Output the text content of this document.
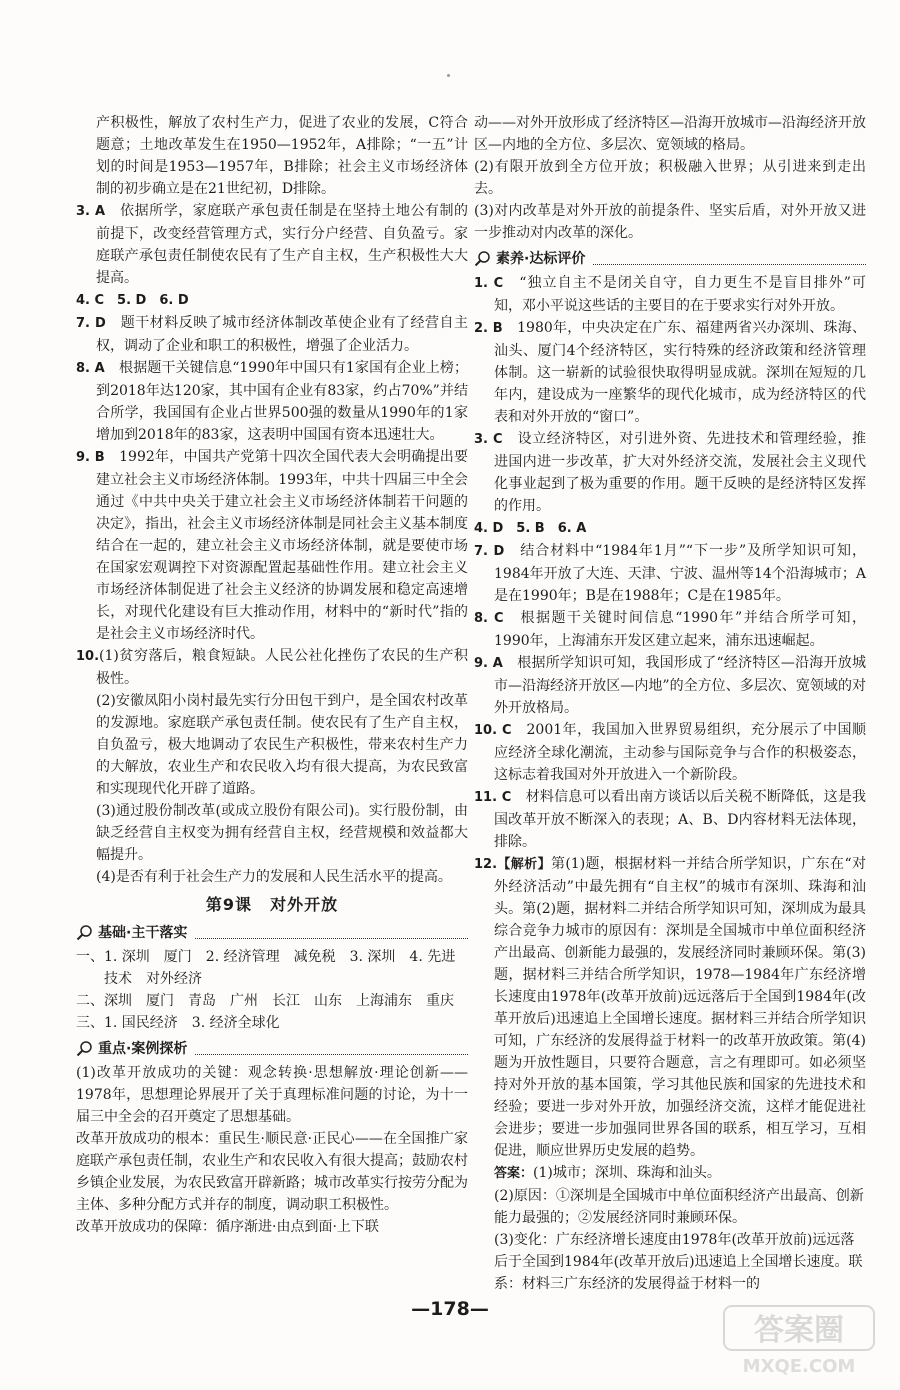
产积极性，解放了农村生产力，促进了农业的发展，C符合题意；土地改革发生在1950—1952年，A排除；“一五”计划的时间是1953—1957年，B排除；社会主义市场经济体制的初步确立是在21世纪初，D排除。

3. A　 依据所学，家庭联产承包责任制是在坚持土地公有制的前提下，改变经营管理方式，实行分户经营、自负盈亏。家庭联产承包责任制使农民有了生产自主权，生产积极性大大提高。

4. C　5. D　6. D

7. D　 题干材料反映了城市经济体制改革使企业有了经营自主权，调动了企业和职工的积极性，增强了企业活力。

8. A　 根据题干关键信息“1990年中国只有1家国有企业上榜；到2018年达120家，其中国有企业有83家，约占70%”并结合所学，我国国有企业占世界500强的数量从1990年的1家增加到2018年的83家，这表明中国国有资本迅速壮大。

9. B　 1992年，中国共产党第十四次全国代表大会明确提出要建立社会主义市场经济体制。1993年，中共十四届三中全会通过《中共中央关于建立社会主义市场经济体制若干问题的决定》，指出，社会主义市场经济体制是同社会主义基本制度结合在一起的，建立社会主义市场经济体制，就是要使市场在国家宏观调控下对资源配置起基础性作用。建立社会主义市场经济体制促进了社会主义经济的协调发展和稳定高速增长，对现代化建设有巨大推动作用，材料中的“新时代”指的是社会主义市场经济时代。

10.(1)贫穷落后，粮食短缺。人民公社化挫伤了农民的生产积极性。

(2)安徽凤阳小岗村最先实行分田包干到户，是全国农村改革的发源地。家庭联产承包责任制。使农民有了生产自主权，自负盈亏，极大地调动了农民生产积极性，带来农村生产力的大解放，农业生产和农民收入均有很大提高，为农民致富和实现现代化开辟了道路。

(3)通过股份制改革(或成立股份有限公司)。实行股份制，由缺乏经营自主权变为拥有经营自主权，经营规模和效益都大幅提升。

(4)是否有利于社会生产力的发展和人民生活水平的提高。

第9课 对外开放
基础·主干落实

一、1. 深圳　厦门　2. 经济管理　减免税　3. 深圳　4. 先进技术　对外经济

二、深圳　厦门　青岛　广州　长江　山东　上海浦东　重庆

三、1. 国民经济　3. 经济全球化

重点·案例探析

(1)改革开放成功的关键：观念转换·思想解放·理论创新——1978年，思想理论界展开了关于真理标准问题的讨论，为十一届三中全会的召开奠定了思想基础。

改革开放成功的根本：重民生·顺民意·正民心——在全国推广家庭联产承包责任制，农业生产和农民收入有很大提高；鼓励农村乡镇企业发展，为农民致富开辟新路；城市改革实行按劳分配为主体、多种分配方式并存的制度，调动职工积极性。

改革开放成功的保障：循序渐进·由点到面·上下联

动——对外开放形成了经济特区—沿海开放城市—沿海经济开放区—内地的全方位、多层次、宽领域的格局。

(2)有限开放到全方位开放；积极融入世界；从引进来到走出去。

(3)对内改革是对外开放的前提条件、坚实后盾，对外开放又进一步推动对内改革的深化。

素养·达标评价

1. C　 “独立自主不是闭关自守，自力更生不是盲目排外”可知，邓小平说这些话的主要目的在于要求实行对外开放。

2. B　 1980年，中央决定在广东、福建两省兴办深圳、珠海、汕头、厦门4个经济特区，实行特殊的经济政策和经济管理体制。这一崭新的试验很快取得明显成就。深圳在短短的几年内，建设成为一座繁华的现代化城市，成为经济特区的代表和对外开放的“窗口”。

3. C　 设立经济特区，对引进外资、先进技术和管理经验，推进国内进一步改革，扩大对外经济交流，发展社会主义现代化事业起到了极为重要的作用。题干反映的是经济特区发挥的作用。

4. D　5. B　6. A

7. D　 结合材料中“1984年1月”“下一步”及所学知识可知，1984年开放了大连、天津、宁波、温州等14个沿海城市；A是在1990年；B是在1988年；C是在1985年。

8. C　 根据题干关键时间信息“1990年”并结合所学可知，1990年，上海浦东开发区建立起来，浦东迅速崛起。

9. A　 根据所学知识可知，我国形成了“经济特区—沿海开放城市—沿海经济开放区—内地”的全方位、多层次、宽领域的对外开放格局。

10. C　 2001年，我国加入世界贸易组织，充分展示了中国顺应经济全球化潮流，主动参与国际竞争与合作的积极姿态，这标志着我国对外开放进入一个新阶段。

11. C　 材料信息可以看出南方谈话以后关税不断降低，这是我国改革开放不断深入的表现；A、B、D内容材料无法体现，排除。

12.【解析】第(1)题，根据材料一并结合所学知识，广东在“对外经济活动”中最先拥有“自主权”的城市有深圳、珠海和汕头。第(2)题，据材料二并结合所学知识可知，深圳成为最具综合竞争力城市的原因有：深圳是全国城市中单位面积经济产出最高、创新能力最强的，发展经济同时兼顾环保。第(3)题，据材料三并结合所学知识，1978—1984年广东经济增长速度由1978年(改革开放前)远远落后于全国到1984年(改革开放后)迅速追上全国增长速度。据材料三并结合所学知识可知，广东经济的发展得益于材料一的改革开放政策。第(4)题为开放性题目，只要符合题意，言之有理即可。如必须坚持对外开放的基本国策，学习其他民族和国家的先进技术和经验；要进一步对外开放，加强经济交流，这样才能促进社会进步；要进一步加强同世界各国的联系，相互学习，互相促进，顺应世界历史发展的趋势。

答案：(1)城市；深圳、珠海和汕头。

(2)原因：①深圳是全国城市中单位面积经济产出最高、创新能力最强的；②发展经济同时兼顾环保。

(3)变化：广东经济增长速度由1978年(改革开放前)远远落后于全国到1984年(改革开放后)迅速追上全国增长速度。联系：材料三广东经济的发展得益于材料一的

—178—
答案圈
MXQE.COM
